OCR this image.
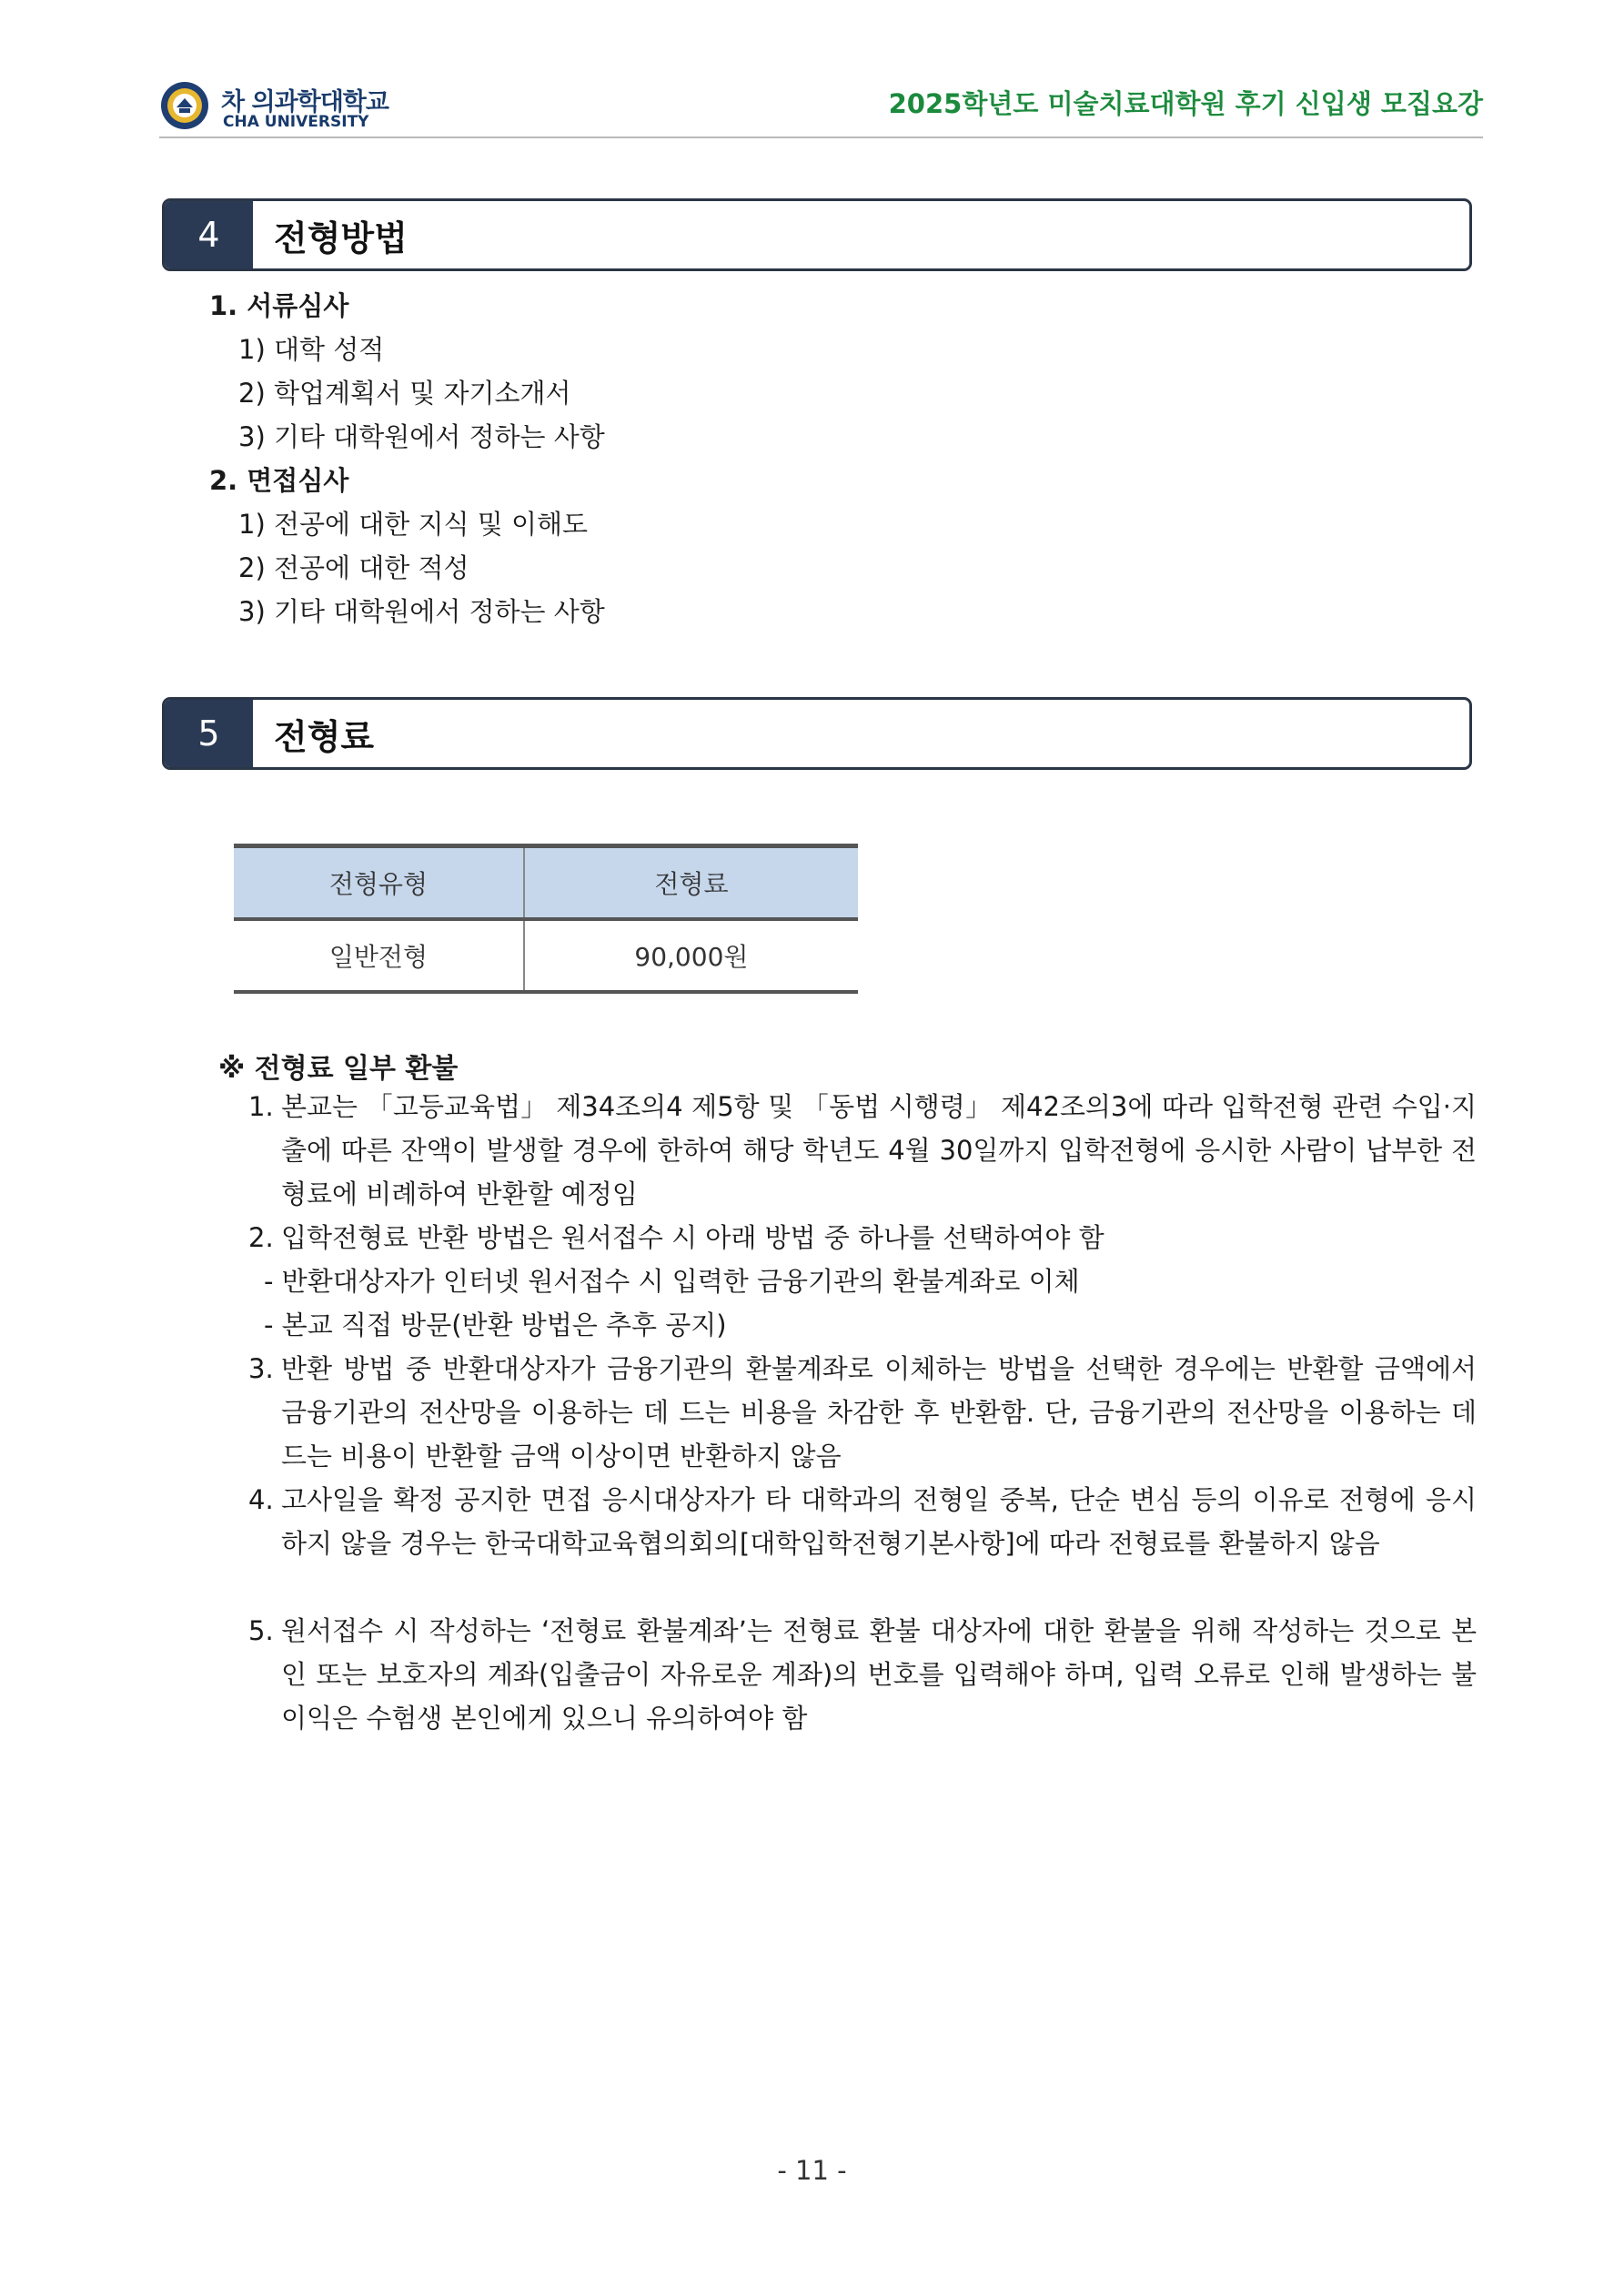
차 의과학대학교
CHA UNIVERSITY
2025학년도 미술치료대학원 후기 신입생 모집요강
4	전형방법
1. 서류심사
1) 대학 성적
2) 학업계획서 및 자기소개서
3) 기타 대학원에서 정하는 사항
2. 면접심사
1) 전공에 대한 지식 및 이해도
2) 전공에 대한 적성
3) 기타 대학원에서 정하는 사항
5	전형료
전형유형	전형료
일반전형	90,000원
※ 전형료 일부 환불
1. 본교는 「고등교육법」 제34조의4 제5항 및 「동법 시행령」 제42조의3에 따라 입학전형 관련 수입·지출에 따른 잔액이 발생할 경우에 한하여 해당 학년도 4월 30일까지 입학전형에 응시한 사람이 납부한 전형료에 비례하여 반환할 예정임
2. 입학전형료 반환 방법은 원서접수 시 아래 방법 중 하나를 선택하여야 함
- 반환대상자가 인터넷 원서접수 시 입력한 금융기관의 환불계좌로 이체
- 본교 직접 방문(반환 방법은 추후 공지)
3. 반환 방법 중 반환대상자가 금융기관의 환불계좌로 이체하는 방법을 선택한 경우에는 반환할 금액에서 금융기관의 전산망을 이용하는 데 드는 비용을 차감한 후 반환함. 단, 금융기관의 전산망을 이용하는 데 드는 비용이 반환할 금액 이상이면 반환하지 않음
4. 고사일을 확정 공지한 면접 응시대상자가 타 대학과의 전형일 중복, 단순 변심 등의 이유로 전형에 응시하지 않을 경우는 한국대학교육협의회의[대학입학전형기본사항]에 따라 전형료를 환불하지 않음
5. 원서접수 시 작성하는 ‘전형료 환불계좌’는 전형료 환불 대상자에 대한 환불을 위해 작성하는 것으로 본인 또는 보호자의 계좌(입출금이 자유로운 계좌)의 번호를 입력해야 하며, 입력 오류로 인해 발생하는 불이익은 수험생 본인에게 있으니 유의하여야 함
- 11 -
